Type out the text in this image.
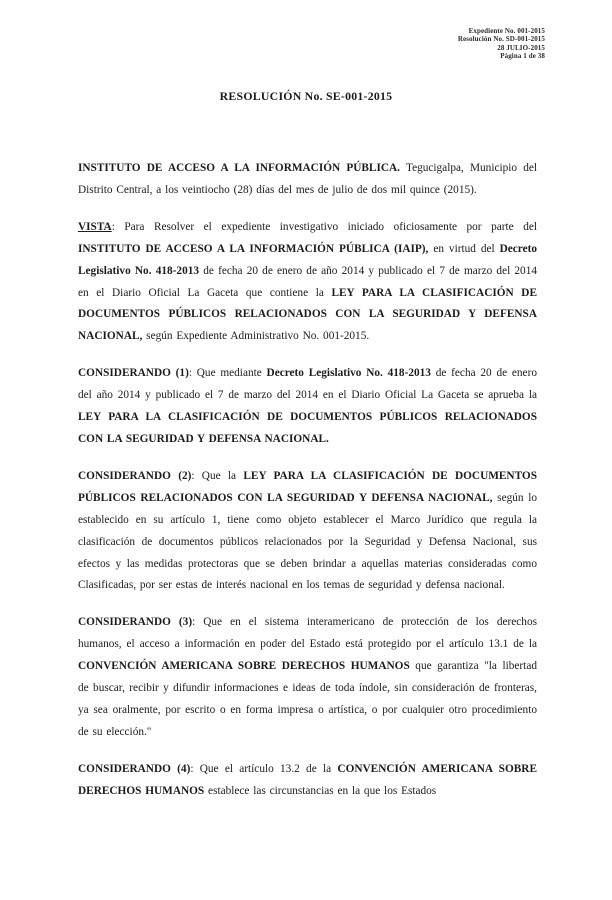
Expediente No. 001-2015
Resolución No. SD-001-2015
28 JULIO-2015
Página 1 de 38
RESOLUCIÓN No. SE-001-2015

INSTITUTO DE ACCESO A LA INFORMACIÓN PÚBLICA. Tegucigalpa, Municipio del Distrito Central, a los veintiocho (28) días del mes de julio de dos mil quince (2015).

VISTA: Para Resolver el expediente investigativo iniciado oficiosamente por parte del INSTITUTO DE ACCESO A LA INFORMACIÓN PÚBLICA (IAIP), en virtud del Decreto Legislativo No. 418-2013 de fecha 20 de enero de año 2014 y publicado el 7 de marzo del 2014 en el Diario Oficial La Gaceta que contiene la LEY PARA LA CLASIFICACIÓN DE DOCUMENTOS PÚBLICOS RELACIONADOS CON LA SEGURIDAD Y DEFENSA NACIONAL, según Expediente Administrativo No. 001-2015.

CONSIDERANDO (1): Que mediante Decreto Legislativo No. 418-2013 de fecha 20 de enero del año 2014 y publicado el 7 de marzo del 2014 en el Diario Oficial La Gaceta se aprueba la LEY PARA LA CLASIFICACIÓN DE DOCUMENTOS PÚBLICOS RELACIONADOS CON LA SEGURIDAD Y DEFENSA NACIONAL.

CONSIDERANDO (2): Que la LEY PARA LA CLASIFICACIÓN DE DOCUMENTOS PÚBLICOS RELACIONADOS CON LA SEGURIDAD Y DEFENSA NACIONAL, según lo establecido en su artículo 1, tiene como objeto establecer el Marco Jurídico que regula la clasificación de documentos públicos relacionados por la Seguridad y Defensa Nacional, sus efectos y las medidas protectoras que se deben brindar a aquellas materias consideradas como Clasificadas, por ser estas de interés nacional en los temas de seguridad y defensa nacional.

CONSIDERANDO (3): Que en el sistema interamericano de protección de los derechos humanos, el acceso a información en poder del Estado está protegido por el artículo 13.1 de la CONVENCIÓN AMERICANA SOBRE DERECHOS HUMANOS que garantiza "la libertad de buscar, recibir y difundir informaciones e ideas de toda índole, sin consideración de fronteras, ya sea oralmente, por escrito o en forma impresa o artística, o por cualquier otro procedimiento de su elección."

CONSIDERANDO (4): Que el artículo 13.2 de la CONVENCIÓN AMERICANA SOBRE DERECHOS HUMANOS establece las circunstancias en la que los Estados
